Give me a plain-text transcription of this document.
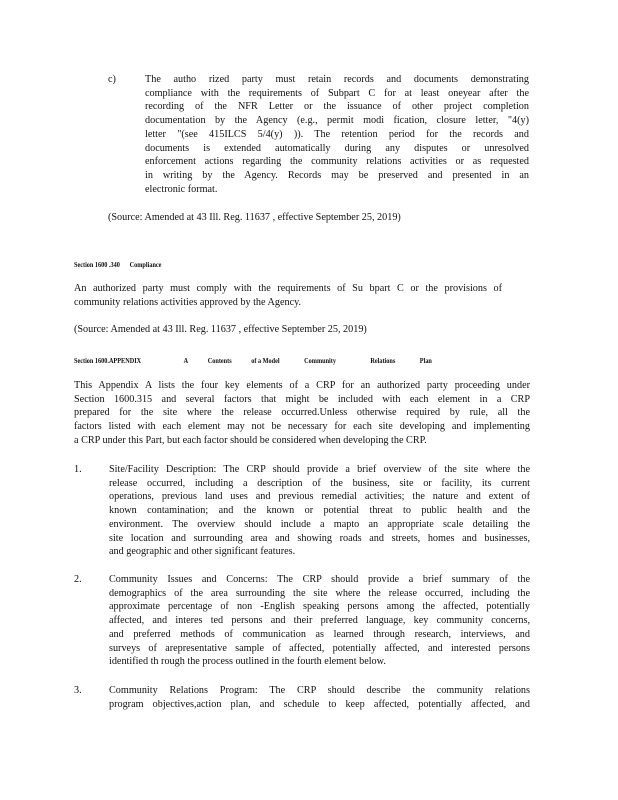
c)	The autho rized party must retain records and documents demonstrating
compliance with the requirements of Subpart C for at least oneyear after the
recording of the NFR Letter or the issuance of other project completion
documentation by the Agency (e.g., permit modi fication, closure letter, "4(y)
letter "(see 415ILCS 5/4(y) )). The retention period for the records and
documents is extended automatically during any disputes or unresolved
enforcement actions regarding the community relations activities or as requested
in writing by the Agency. Records may be preserved and presented in an
electronic format.
(Source: Amended at 43 Ill. Reg. 11637 , effective September 25, 2019)
Section 1600 .340 Compliance
An authorized party must comply with the requirements of Su bpart C or the provisions of
community relations activities approved by the Agency.
(Source: Amended at 43 Ill. Reg. 11637 , effective September 25, 2019)
Section 1600.APPENDIX	A	Contents	of a Model	Community	Relations	Plan
This Appendix A lists the four key elements of a CRP for an authorized party proceeding under
Section 1600.315 and several factors that might be included with each element in a CRP
prepared for the site where the release occurred.Unless otherwise required by rule, all the
factors listed with each element may not be necessary for each site developing and implementing
a CRP under this Part, but each factor should be considered when developing the CRP.
1.	Site/Facility Description: The CRP should provide a brief overview of the site where the
release occurred, including a description of the business, site or facility, its current
operations, previous land uses and previous remedial activities; the nature and extent of
known contamination; and the known or potential threat to public health and the
environment. The overview should include a mapto an appropriate scale detailing the
site location and surrounding area and showing roads and streets, homes and businesses,
and geographic and other significant features.
2.	Community Issues and Concerns: The CRP should provide a brief summary of the
demographics of the area surrounding the site where the release occurred, including the
approximate percentage of non -English speaking persons among the affected, potentially
affected, and interes ted persons and their preferred language, key community concerns,
and preferred methods of communication as learned through research, interviews, and
surveys of arepresentative sample of affected, potentially affected, and interested persons
identified th rough the process outlined in the fourth element below.
3.	Community Relations Program: The CRP should describe the community relations
program objectives,action plan, and schedule to keep affected, potentially affected, and
